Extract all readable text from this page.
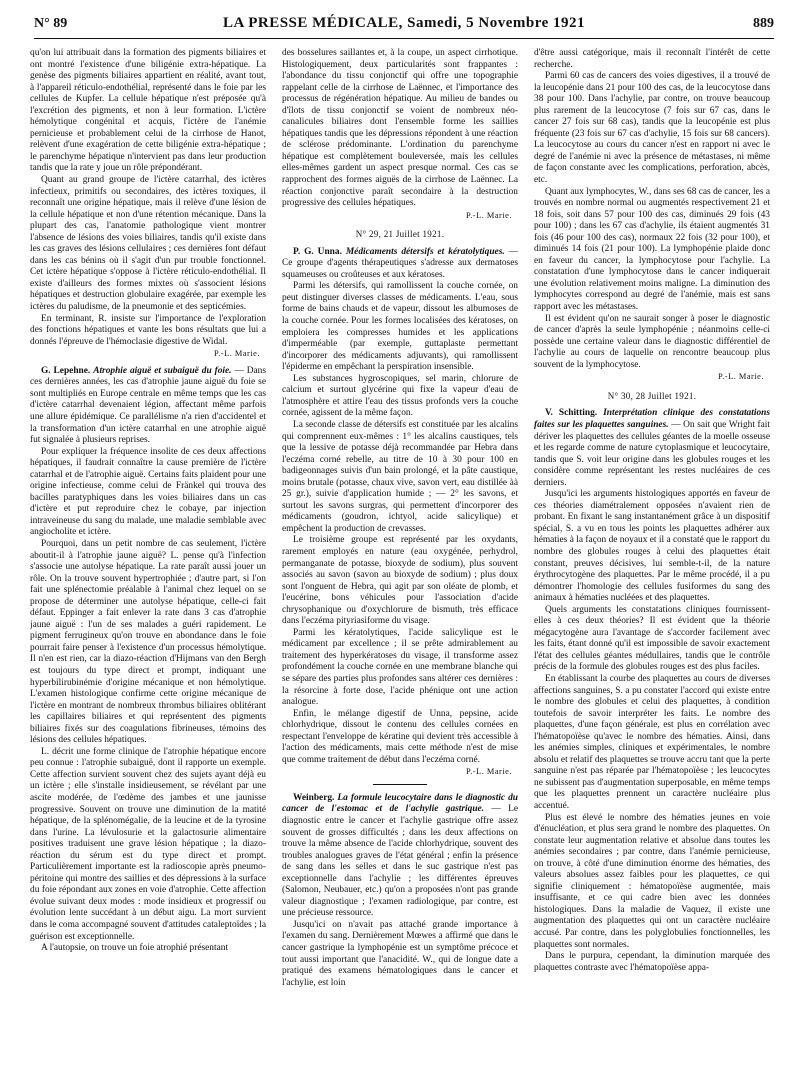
N° 89	LA PRESSE MÉDICALE, Samedi, 5 Novembre 1921	889

qu'on lui attribuait dans la formation des pigments biliaires et ont montré l'existence d'une biligénie extra-hépatique. La genèse des pigments biliaires appartient en réalité, avant tout, à l'appareil réticulo-endothélial, représenté dans le foie par les cellules de Kupfer. La cellule hépatique n'est préposée qu'à l'excrétion des pigments, et non à leur formation. L'ictère hémolytique congénital et acquis, l'ictère de l'anémie pernicieuse et probablement celui de la cirrhose de Hanot, relèvent d'une exagération de cette biligénie extra-hépatique ; le parenchyme hépatique n'intervient pas dans leur production tandis que la rate y joue un rôle prépondérant.

Quant au grand groupe de l'ictère catarrhal, des ictères infectieux, primitifs ou secondaires, des ictères toxiques, il reconnaît une origine hépatique, mais il relève d'une lésion de la cellule hépatique et non d'une rétention mécanique. Dans la plupart des cas, l'anatomie pathologique vient montrer l'absence de lésions des voies biliaires, tandis qu'il existe dans les cas graves des lésions cellulaires ; ces dernières font défaut dans les cas bénins où il s'agit d'un pur trouble fonctionnel. Cet ictère hépatique s'oppose à l'ictère réticulo-endothélial. Il existe d'ailleurs des formes mixtes où s'associent lésions hépatiques et destruction globulaire exagérée, par exemple les ictères du paludisme, de la pneumonie et des septicémies.

En terminant, R. insiste sur l'importance de l'exploration des fonctions hépatiques et vante les bons résultats que lui a donnés l'épreuve de l'hémoclasie digestive de Widal.

P.-L. Marie.

G. Lepehne. Atrophie aiguë et subaiguë du foie. — Dans ces dernières années, les cas d'atrophie jaune aiguë du foie se sont multipliés en Europe centrale en même temps que les cas d'ictère catarrhal devenaient légion, affectant même parfois une allure épidémique. Ce parallélisme n'a rien d'accidentel et la transformation d'un ictère catarrhal en une atrophie aiguë fut signalée à plusieurs reprises.

Pour expliquer la fréquence insolite de ces deux affections hépatiques, il faudrait connaître la cause première de l'ictère catarrhal et de l'atrophie aiguë. Certains faits plaident pour une origine infectieuse, comme celui de Fränkel qui trouva des bacilles paratyphiques dans les voies biliaires dans un cas d'ictère et put reproduire chez le cobaye, par injection intraveineuse du sang du malade, une maladie semblable avec angiocholite et ictère.

Pourquoi, dans un petit nombre de cas seulement, l'ictère aboutit-il à l'atrophie jaune aiguë? L. pense qu'à l'infection s'associe une autolyse hépatique. La rate paraît aussi jouer un rôle. On la trouve souvent hypertrophiée ; d'autre part, si l'on fait une splénectomie préalable à l'animal chez lequel on se propose de déterminer une autolyse hépatique, celle-ci fait défaut. Eppinger a fait enlever la rate dans 3 cas d'atrophie jaune aiguë : l'un de ses malades a guéri rapidement. Le pigment ferrugineux qu'on trouve en abondance dans le foie pourrait faire penser à l'existence d'un processus hémolytique. Il n'en est rien, car la diazo-réaction d'Hijmans van den Bergh est toujours du type direct et prompt, indiquant une hyperbilirubinémie d'origine mécanique et non hémolytique. L'examen histologique confirme cette origine mécanique de l'ictère en montrant de nombreux thrombus biliaires oblitérant les capillaires biliaires et qui représentent des pigments biliaires fixés sur des coagulations fibrineuses, témoins des lésions des cellules hépatiques.

L. décrit une forme clinique de l'atrophie hépatique encore peu connue : l'atrophie subaiguë, dont il rapporte un exemple. Cette affection survient souvent chez des sujets ayant déjà eu un ictère ; elle s'installe insidieusement, se révélant par une ascite modérée, de l'œdème des jambes et une jaunisse progressive. Souvent on trouve une diminution de la matité hépatique, de la splénomégalie, de la leucine et de la tyrosine dans l'urine. La lévulosurie et la galactosurie alimentaire positives traduisent une grave lésion hépatique ; la diazo-réaction du sérum est du type direct et prompt. Particulièrement importante est la radioscopie après pneumo-péritoine qui montre des saillies et des dépressions à la surface du foie répondant aux zones en voie d'atrophie. Cette affection évolue suivant deux modes : mode insidieux et progressif ou évolution lente succédant à un début aigu. La mort survient dans le coma accompagné souvent d'attitudes cataleptoïdes ; la guérison est exceptionnelle.

A l'autopsie, on trouve un foie atrophié présentant

des bosselures saillantes et, à la coupe, un aspect cirrhotique. Histologiquement, deux particularités sont frappantes : l'abondance du tissu conjonctif qui offre une topographie rappelant celle de la cirrhose de Laënnec, et l'importance des processus de régénération hépatique. Au milieu de bandes ou d'îlots de tissu conjonctif se voient de nombreux néo-canalicules biliaires dont l'ensemble forme les saillies hépatiques tandis que les dépressions répondent à une réaction de sclérose prédominante. L'ordination du parenchyme hépatique est complètement bouleversée, mais les cellules elles-mêmes gardent un aspect presque normal. Ces cas se rapprochent des formes aiguës de la cirrhose de Laënnec. La réaction conjonctive paraît secondaire à la destruction progressive des cellules hépatiques.

P.-L. Marie.
N° 29, 21 Juillet 1921.

P. G. Unna. Médicaments détersifs et kératolytiques. — Ce groupe d'agents thérapeutiques s'adresse aux dermatoses squameuses ou croûteuses et aux kératoses.

Parmi les détersifs, qui ramollissent la couche cornée, on peut distinguer diverses classes de médicaments. L'eau, sous forme de bains chauds et de vapeur, dissout les albumoses de la couche cornée. Pour les formes localisées des kératoses, on emploiera les compresses humides et les applications d'imperméable (par exemple, guttaplaste permettant d'incorporer des médicaments adjuvants), qui ramollissent l'épiderme en empêchant la perspiration insensible.

Les substances hygroscopiques, sel marin, chlorure de calcium et surtout glycérine qui fixe la vapeur d'eau de l'atmosphère et attire l'eau des tissus profonds vers la couche cornée, agissent de la même façon.

La seconde classe de détersifs est constituée par les alcalins qui comprennent eux-mêmes : 1° les alcalins caustiques, tels que la lessive de potasse déjà recommandée par Hebra dans l'eczéma corné rebelle, au titre de 10 à 30 pour 100 en badigeonnages suivis d'un bain prolongé, et la pâte caustique, moins brutale (potasse, chaux vive, savon vert, eau distillée àà 25 gr.), suivie d'application humide ; — 2° les savons, et surtout les savons surgras, qui permettent d'incorporer des médicaments (goudron, ichtyol, acide salicylique) et empêchent la production de crevasses.

Le troisième groupe est représenté par les oxydants, rarement employés en nature (eau oxygénée, perhydrol, permanganate de potasse, bioxyde de sodium), plus souvent associés au savon (savon au bioxyde de sodium) ; plus doux sont l'onguent de Hebra, qui agit par son oléate de plomb, et l'eucérine, bons véhicules pour l'association d'acide chrysophanique ou d'oxychlorure de bismuth, très efficace dans l'eczéma pityriasiforme du visage.

Parmi les kératolytiques, l'acide salicylique est le médicament par excellence ; il se prête admirablement au traitement des hyperkératoses du visage, il transforme assez profondément la couche cornée en une membrane blanche qui se sépare des parties plus profondes sans altérer ces dernières : la résorcine à forte dose, l'acide phénique ont une action analogue.

Enfin, le mélange digestif de Unna, pepsine, acide chlorhydrique, dissout le contenu des cellules cornées en respectant l'enveloppe de kératine qui devient très accessible à l'action des médicaments, mais cette méthode n'est de mise que comme traitement de début dans l'eczéma corné.

P.-L. Marie.

Weinberg. La formule leucocytaire dans le diagnostic du cancer de l'estomac et de l'achylie gastrique. — Le diagnostic entre le cancer et l'achylie gastrique offre assez souvent de grosses difficultés ; dans les deux affections on trouve la même absence de l'acide chlorhydrique, souvent des troubles analogues graves de l'état général ; enfin la présence de sang dans les selles et dans le suc gastrique n'est pas exceptionnelle dans l'achylie ; les différentes épreuves (Salomon, Neubauer, etc.) qu'on a proposées n'ont pas grande valeur diagnostique ; l'examen radiologique, par contre, est une précieuse ressource.

Jusqu'ici on n'avait pas attaché grande importance à l'examen du sang. Dernièrement Mœwes a affirmé que dans le cancer gastrique la lymphopénie est un symptôme précoce et tout aussi important que l'anacidité. W., qui de longue date a pratiqué des examens hématologiques dans le cancer et l'achylie, est loin

d'être aussi catégorique, mais il reconnaît l'intérêt de cette recherche.

Parmi 60 cas de cancers des voies digestives, il a trouvé de la leucopénie dans 21 pour 100 des cas, de la leucocytose dans 38 pour 100. Dans l'achylie, par contre, on trouve beaucoup plus rarement de la leucocytose (7 fois sur 67 cas, dans le cancer 27 fois sur 68 cas), tandis que la leucopénie est plus fréquente (23 fois sur 67 cas d'achylie, 15 fois sur 68 cancers). La leucocytose au cours du cancer n'est en rapport ni avec le degré de l'anémie ni avec la présence de métastases, ni même de façon constante avec les complications, perforation, abcès, etc.

Quant aux lymphocytes, W., dans ses 68 cas de cancer, les a trouvés en nombre normal ou augmentés respectivement 21 et 18 fois, soit dans 57 pour 100 des cas, diminués 29 fois (43 pour 100) ; dans les 67 cas d'achylie, ils étaient augmentés 31 fois (46 pour 100 des cas), normaux 22 fois (32 pour 100), et diminués 14 fois (21 pour 100). La lymphopénie plaide donc en faveur du cancer, la lymphocytose pour l'achylie. La constatation d'une lymphocytose dans le cancer indiquerait une évolution relativement moins maligne. La diminution des lymphocytes correspond au degré de l'anémie, mais est sans rapport avec les métastases.

Il est évident qu'on ne saurait songer à poser le diagnostic de cancer d'après la seule lymphopénie ; néanmoins celle-ci possède une certaine valeur dans le diagnostic différentiel de l'achylie au cours de laquelle on rencontre beaucoup plus souvent de la lymphocytose.

P.-L. Marie.
N° 30, 28 Juillet 1921.

V. Schitting. Interprétation clinique des constatations faites sur les plaquettes sanguines. — On sait que Wright fait dériver les plaquettes des cellules géantes de la moelle osseuse et les regarde comme de nature cytoplasmique et leucocytaire, tandis que S. voit leur origine dans les globules rouges et les considère comme représentant les restes nucléaires de ces derniers.

Jusqu'ici les arguments histologiques apportés en faveur de ces théories diamétralement opposées n'avaient rien de probant. En fixant le sang instantanément grâce à un dispositif spécial, S. a vu en tous les points les plaquettes adhérer aux hématies à la façon de noyaux et il a constaté que le rapport du nombre des globules rouges à celui des plaquettes était constant, preuves décisives, lui semble-t-il, de la nature érythrocytogène des plaquettes. Par le même procédé, il a pu démontrer l'homologie des cellules fusiformes du sang des animaux à hématies nucléées et des plaquettes.

Quels arguments les constatations cliniques fournissent-elles à ces deux théories? Il est évident que la théorie mégacytogène aura l'avantage de s'accorder facilement avec les faits, étant donné qu'il est impossible de savoir exactement l'état des cellules géantes médullaires, tandis que le contrôle précis de la formule des globules rouges est des plus faciles.

En établissant la courbe des plaquettes au cours de diverses affections sanguines, S. a pu constater l'accord qui existe entre le nombre des globules et celui des plaquettes, à condition toutefois de savoir interpréter les faits. Le nombre des plaquettes, d'une façon générale, est plus en corrélation avec l'hématopoïèse qu'avec le nombre des hématies. Ainsi, dans les anémies simples, cliniques et expérimentales, le nombre absolu et relatif des plaquettes se trouve accru tant que la perte sanguine n'est pas réparée par l'hématopoïèse ; les leucocytes ne subissent pas d'augmentation superposable, en même temps que les plaquettes prennent un caractère nucléaire plus accentué.

Plus est élevé le nombre des hématies jeunes en voie d'énucléation, et plus sera grand le nombre des plaquettes. On constate leur augmentation relative et absolue dans toutes les anémies secondaires ; par contre, dans l'anémie pernicieuse, on trouve, à côté d'une diminution énorme des hématies, des valeurs absolues assez faibles pour les plaquettes, ce qui signifie cliniquement : hématopoïèse augmentée, mais insuffisante, et ce qui cadre bien avec les données histologiques. Dans la maladie de Vaquez, il existe une augmentation des plaquettes qui ont un caractère nucléaire accusé. Par contre, dans les polyglobulies fonctionnelles, les plaquettes sont normales.

Dans le purpura, cependant, la diminution marquée des plaquettes contraste avec l'hématopoïèse appa-
